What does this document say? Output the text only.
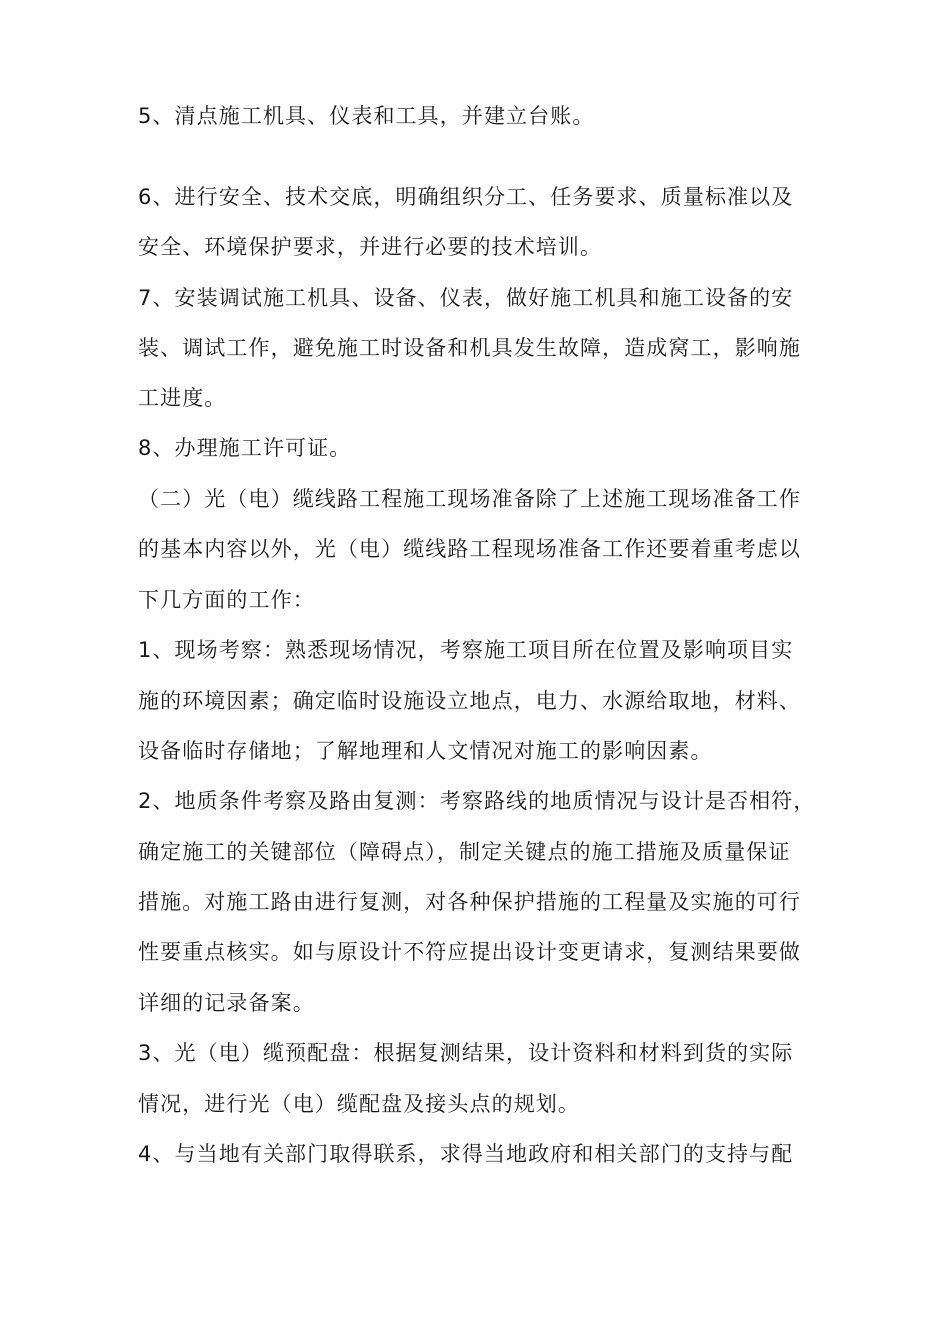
5、清点施工机具、仪表和工具，并建立台账。
6、进行安全、技术交底，明确组织分工、任务要求、质量标准以及
安全、环境保护要求，并进行必要的技术培训。
7、安装调试施工机具、设备、仪表，做好施工机具和施工设备的安
装、调试工作，避免施工时设备和机具发生故障，造成窝工，影响施
工进度。
8、办理施工许可证。
（二）光（电）缆线路工程施工现场准备除了上述施工现场准备工作
的基本内容以外，光（电）缆线路工程现场准备工作还要着重考虑以
下几方面的工作：
1、现场考察：熟悉现场情况，考察施工项目所在位置及影响项目实
施的环境因素；确定临时设施设立地点，电力、水源给取地，材料、
设备临时存储地；了解地理和人文情况对施工的影响因素。
2、地质条件考察及路由复测：考察路线的地质情况与设计是否相符，
确定施工的关键部位（障碍点），制定关键点的施工措施及质量保证
措施。对施工路由进行复测，对各种保护措施的工程量及实施的可行
性要重点核实。如与原设计不符应提出设计变更请求，复测结果要做
详细的记录备案。
3、光（电）缆预配盘：根据复测结果，设计资料和材料到货的实际
情况，进行光（电）缆配盘及接头点的规划。
4、与当地有关部门取得联系，求得当地政府和相关部门的支持与配
